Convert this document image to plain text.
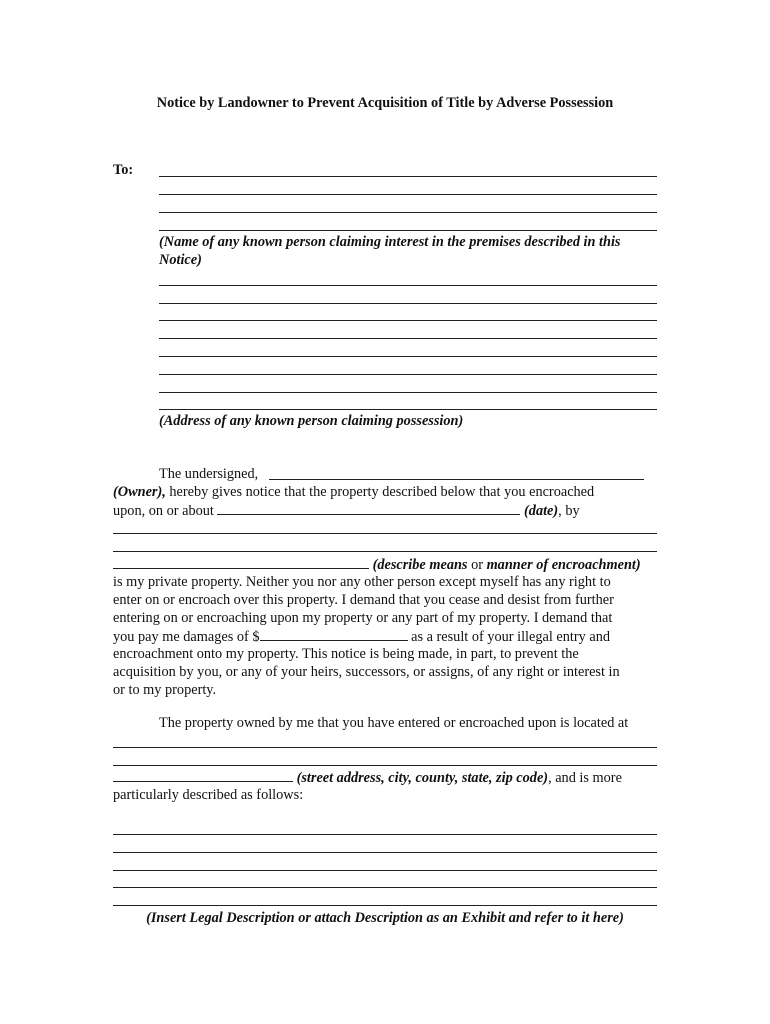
Notice by Landowner to Prevent Acquisition of Title by Adverse Possession
To:
(Name of any known person claiming interest in the premises described in this
Notice)
(Address of any known person claiming possession)
The undersigned,
(Owner), hereby gives notice that the property described below that you encroached
upon, on or about	(date), by
(describe means or manner of encroachment)
is my private property. Neither you nor any other person except myself has any right to
enter on or encroach over this property. I demand that you cease and desist from further
entering on or encroaching upon my property or any part of my property. I demand that
you pay me damages of $	as a result of your illegal entry and
encroachment onto my property. This notice is being made, in part, to prevent the
acquisition by you, or any of your heirs, successors, or assigns, of any right or interest in
or to my property.
The property owned by me that you have entered or encroached upon is located at
(street address, city, county, state, zip code), and is more
particularly described as follows:
(Insert Legal Description or attach Description as an Exhibit and refer to it here)
